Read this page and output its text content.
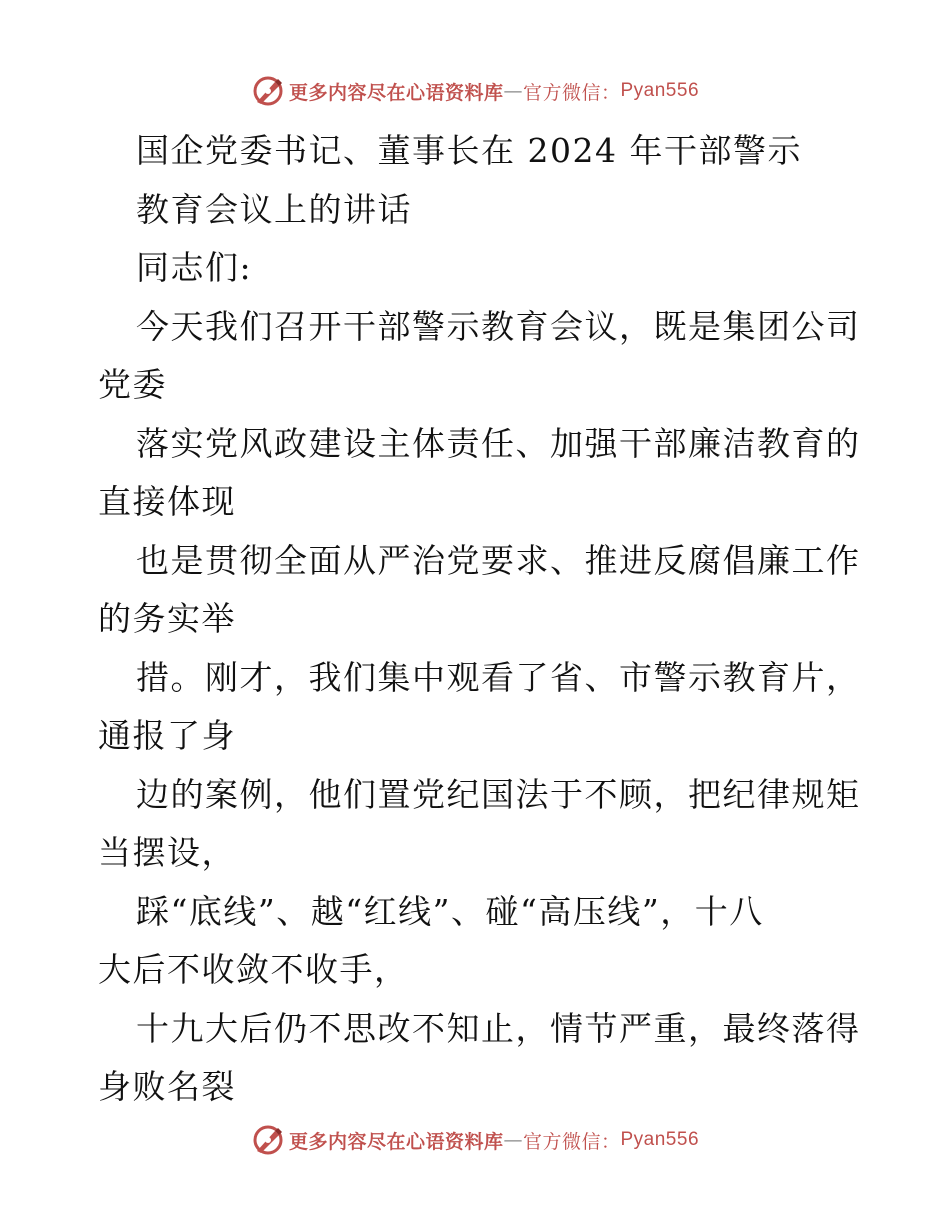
更多内容尽在心语资料库 — 官方微信： Pyan556
国企党委书记、董事长在 2024 年干部警示
教育会议上的讲话
同志们:
今天我们召开干部警示教育会议，既是集团公司
党委
落实党风政建设主体责任、加强干部廉洁教育的
直接体现
也是贯彻全面从严治党要求、推进反腐倡廉工作
的务实举
措。刚才，我们集中观看了省、市警示教育片，
通报了身
边的案例，他们置党纪国法于不顾，把纪律规矩
当摆设，
踩“底线”、越“红线”、碰“高压线”，十八
大后不收敛不收手，
十九大后仍不思改不知止，情节严重，最终落得
身败名裂
更多内容尽在心语资料库 — 官方微信： Pyan556
